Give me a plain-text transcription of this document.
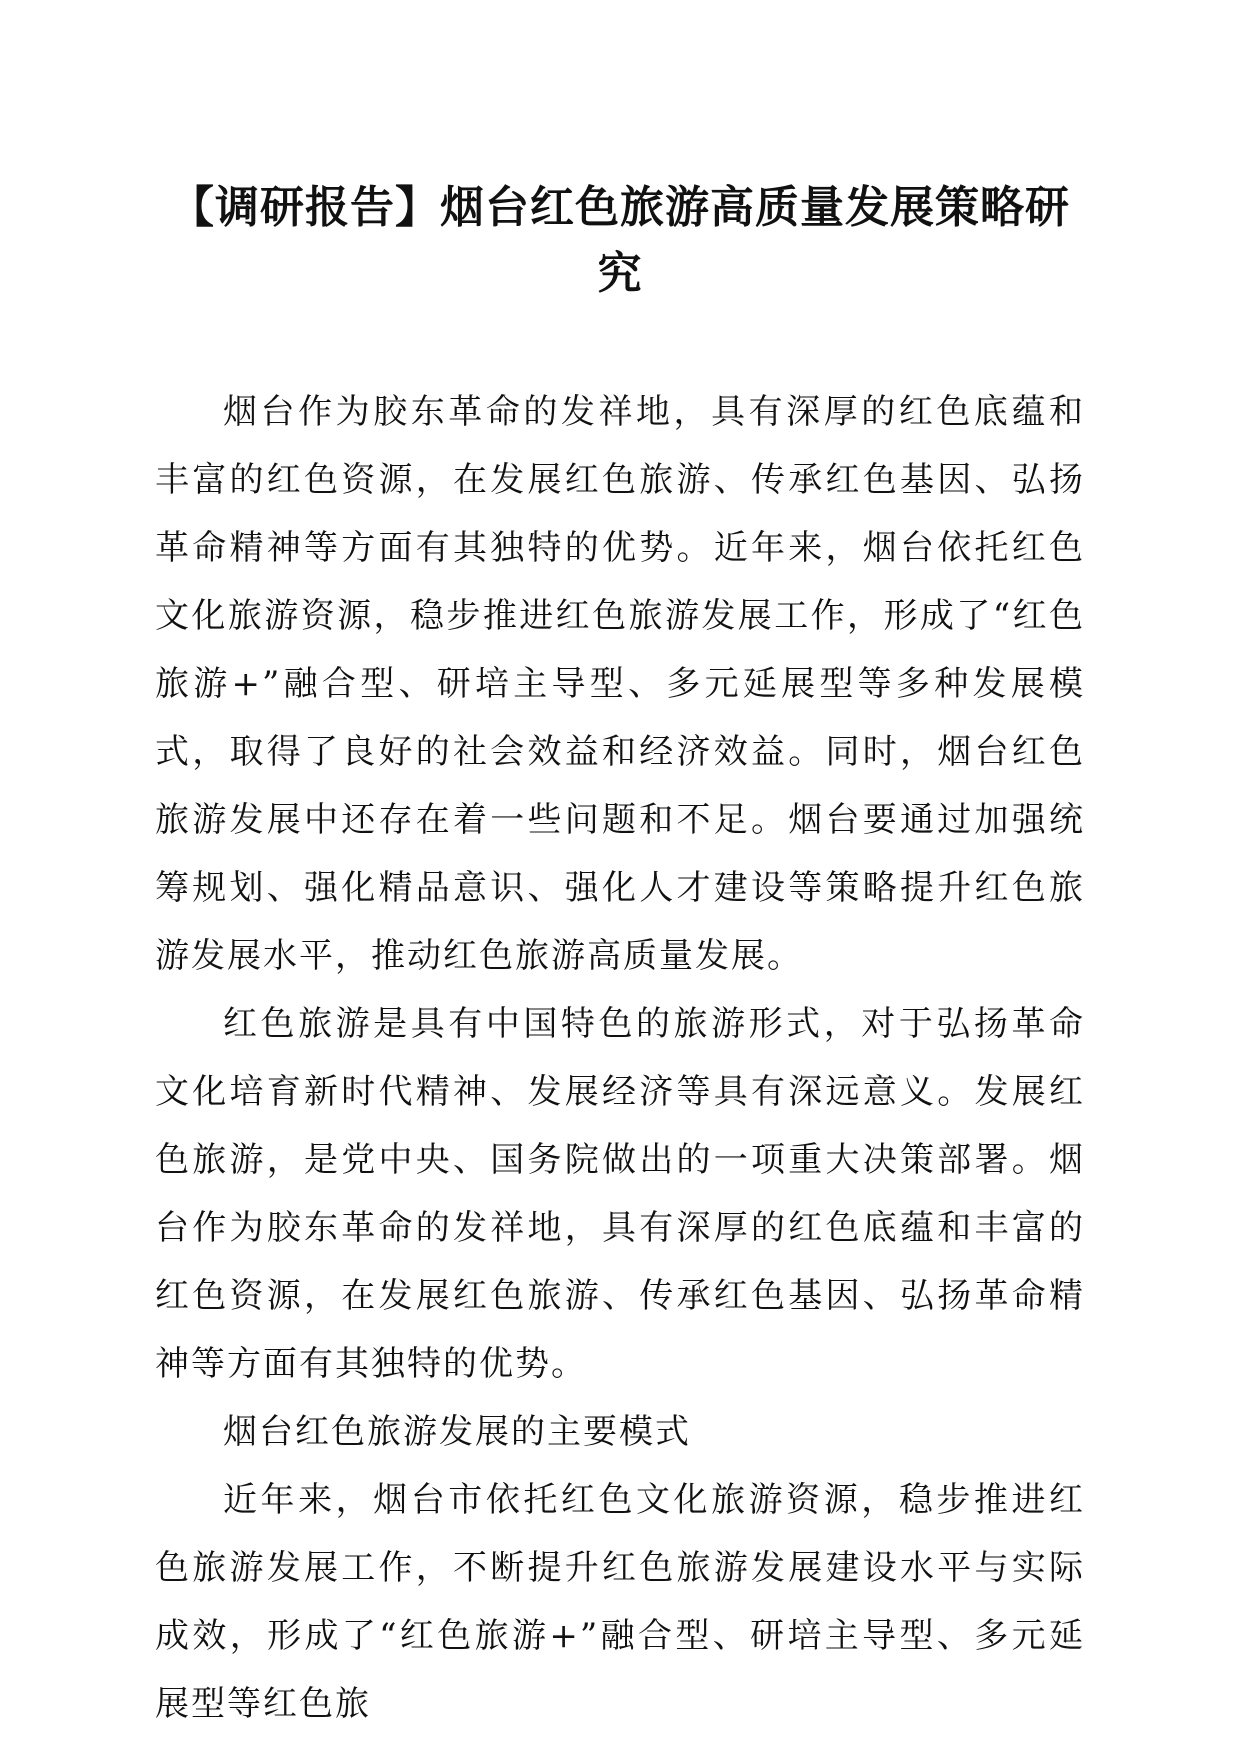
【调研报告】烟台红色旅游高质量发展策略研究

烟台作为胶东革命的发祥地，具有深厚的红色底蕴和丰富的红色资源，在发展红色旅游、传承红色基因、弘扬革命精神等方面有其独特的优势。近年来，烟台依托红色文化旅游资源，稳步推进红色旅游发展工作，形成了“红色旅游+”融合型、研培主导型、多元延展型等多种发展模式，取得了良好的社会效益和经济效益。同时，烟台红色旅游发展中还存在着一些问题和不足。烟台要通过加强统筹规划、强化精品意识、强化人才建设等策略提升红色旅游发展水平，推动红色旅游高质量发展。

红色旅游是具有中国特色的旅游形式，对于弘扬革命文化培育新时代精神、发展经济等具有深远意义。发展红色旅游，是党中央、国务院做出的一项重大决策部署。烟台作为胶东革命的发祥地，具有深厚的红色底蕴和丰富的红色资源，在发展红色旅游、传承红色基因、弘扬革命精神等方面有其独特的优势。

烟台红色旅游发展的主要模式

近年来，烟台市依托红色文化旅游资源，稳步推进红色旅游发展工作，不断提升红色旅游发展建设水平与实际成效，形成了“红色旅游+”融合型、研培主导型、多元延展型等红色旅
